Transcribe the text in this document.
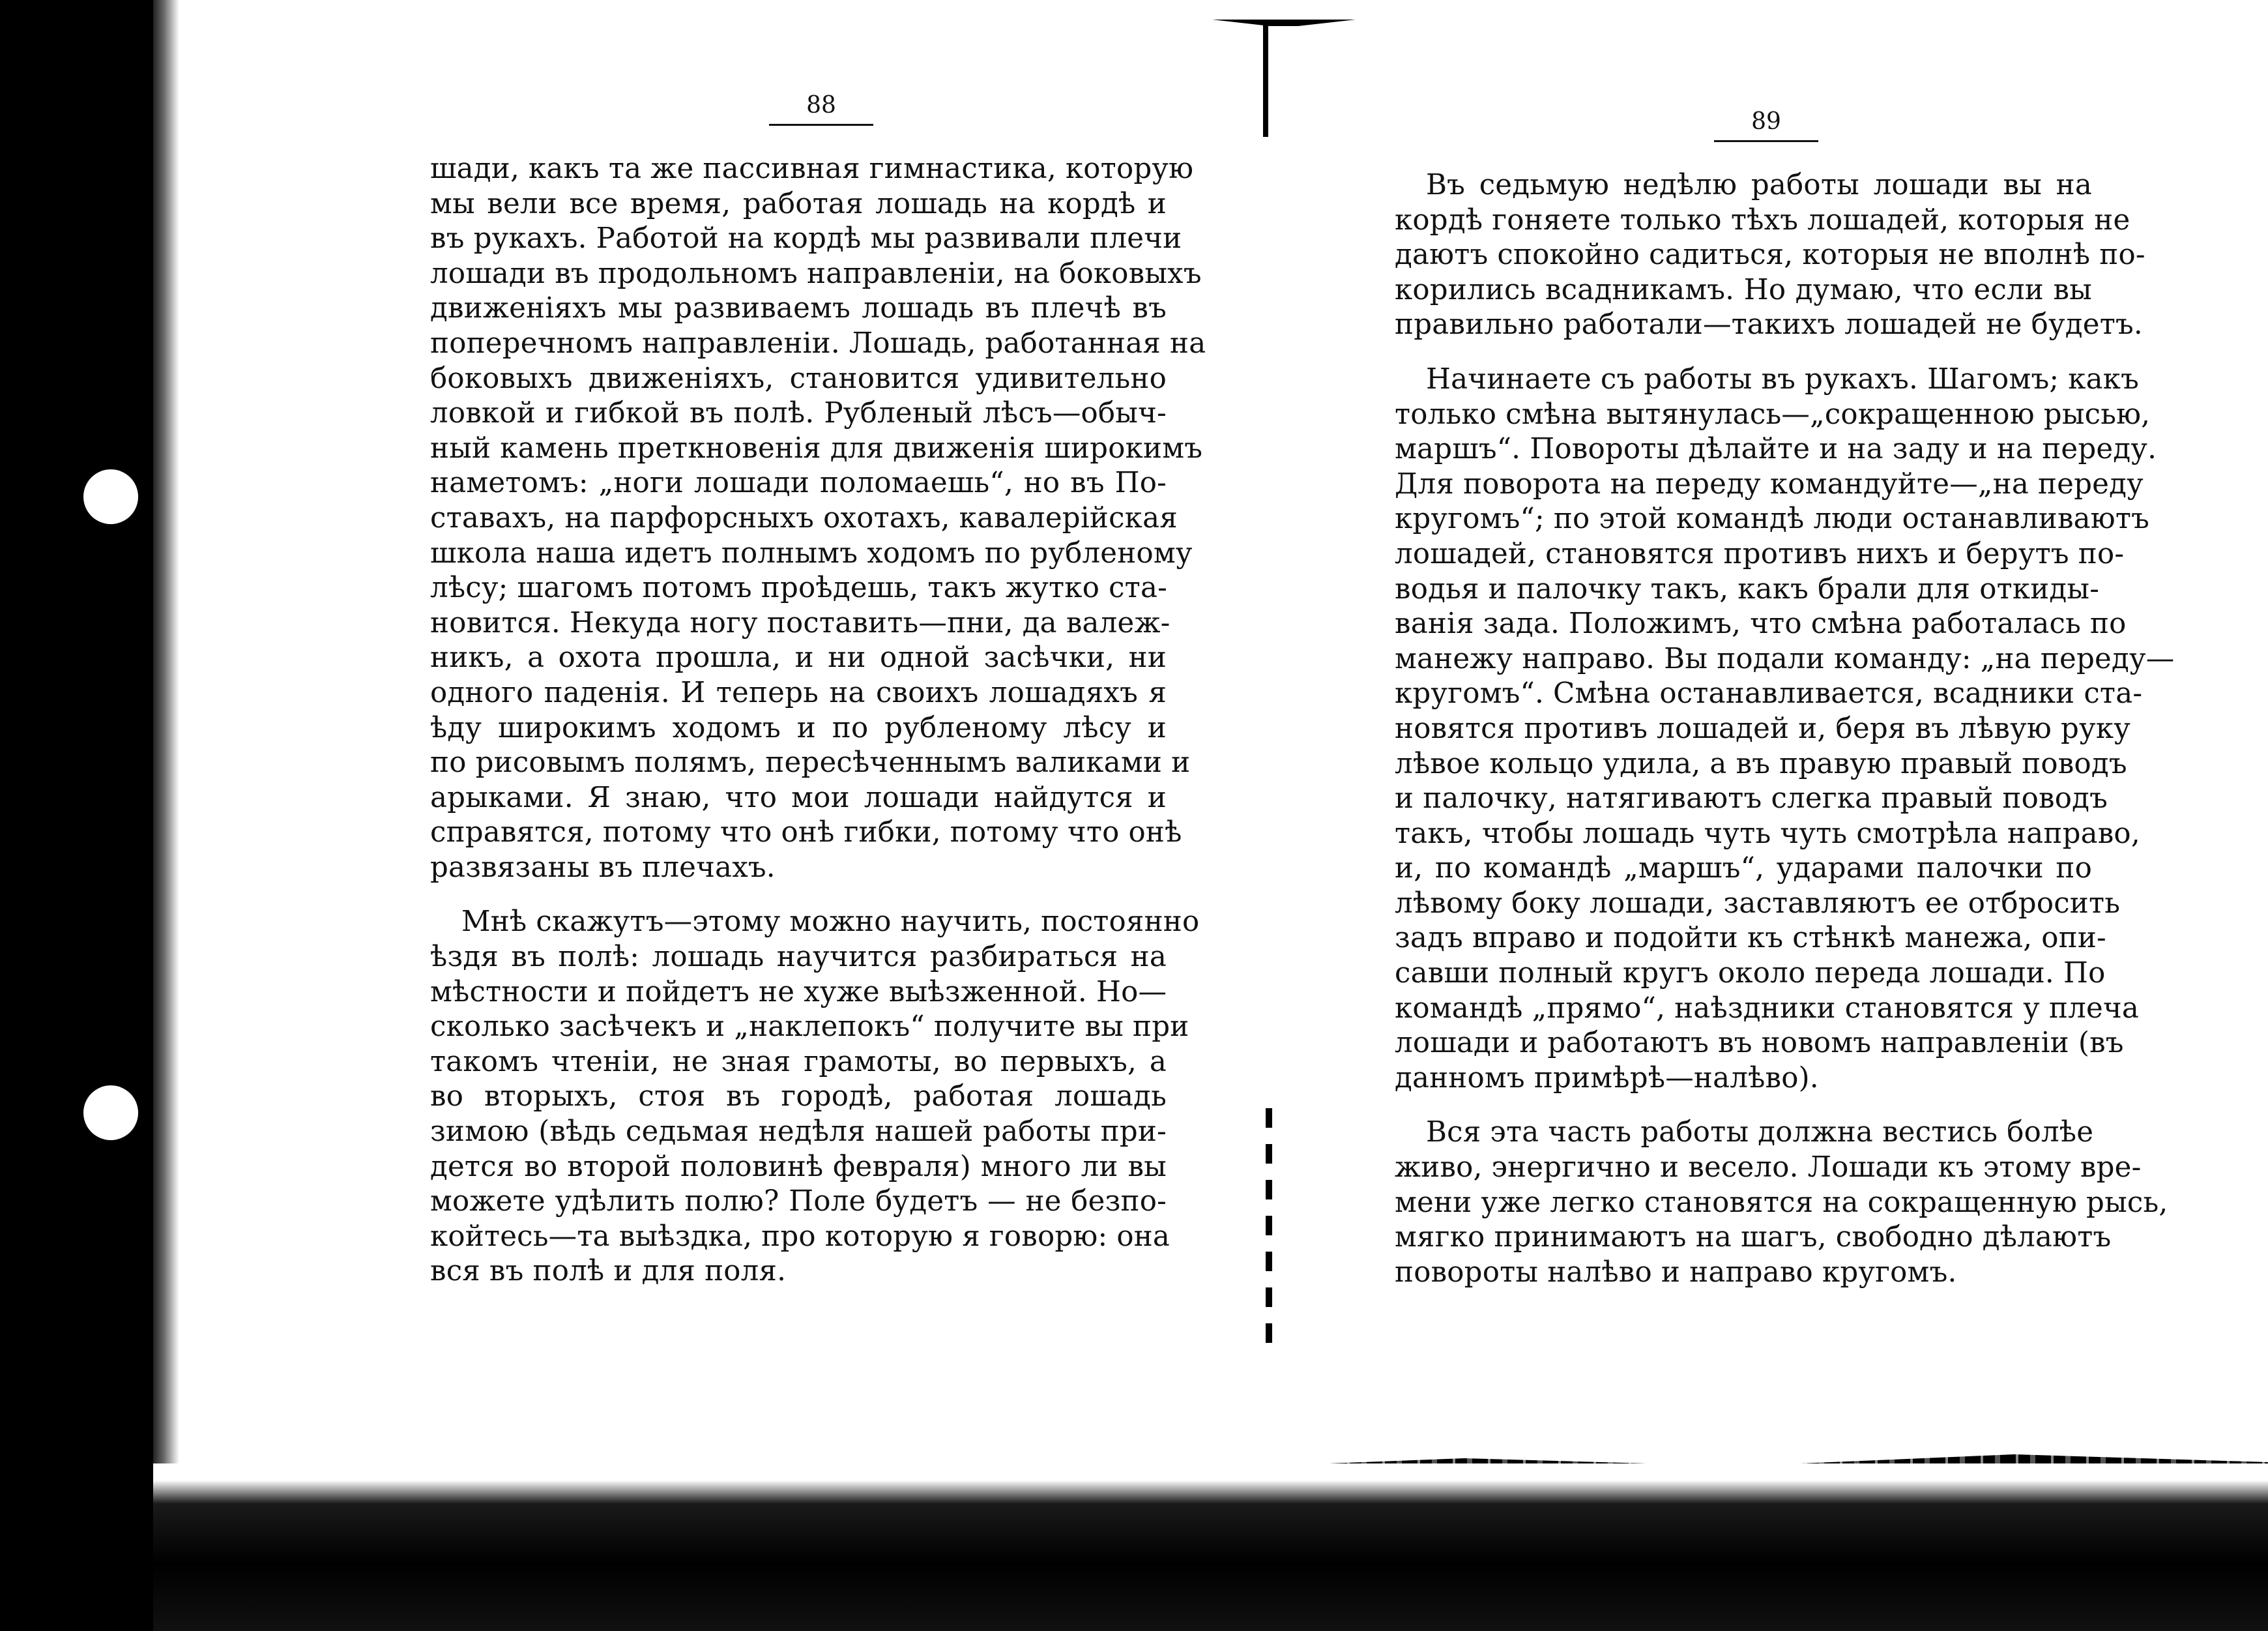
88
шади, какъ та же пассивная гимнастика, которую
мы вели все время, работая лошадь на кордѣ и
въ рукахъ. Работой на кордѣ мы развивали плечи
лошади въ продольномъ направленіи, на боковыхъ
движеніяхъ мы развиваемъ лошадь въ плечѣ въ
поперечномъ направленіи. Лошадь, работанная на
боковыхъ движеніяхъ, становится удивительно
ловкой и гибкой въ полѣ. Рубленый лѣсъ—обыч-
ный камень преткновенія для движенія широкимъ
наметомъ: „ноги лошади поломаешь“, но въ По-
ставахъ, на парфорсныхъ охотахъ, кавалерійская
школа наша идетъ полнымъ ходомъ по рубленому
лѣсу; шагомъ потомъ проѣдешь, такъ жутко ста-
новится. Некуда ногу поставить—пни, да валеж-
никъ, а охота прошла, и ни одной засѣчки, ни
одного паденія. И теперь на своихъ лошадяхъ я
ѣду широкимъ ходомъ и по рубленому лѣсу и
по рисовымъ полямъ, пересѣченнымъ валиками и
арыками. Я знаю, что мои лошади найдутся и
справятся, потому что онѣ гибки, потому что онѣ
развязаны въ плечахъ.
Мнѣ скажутъ—этому можно научить, постоянно
ѣздя въ полѣ: лошадь научится разбираться на
мѣстности и пойдетъ не хуже выѣзженной. Но—
сколько засѣчекъ и „наклепокъ“ получите вы при
такомъ чтеніи, не зная грамоты, во первыхъ, а
во вторыхъ, стоя въ городѣ, работая лошадь
зимою (вѣдь седьмая недѣля нашей работы при-
дется во второй половинѣ февраля) много ли вы
можете удѣлить полю? Поле будетъ — не безпо-
койтесь—та выѣздка, про которую я говорю: она
вся въ полѣ и для поля.
89
Въ седьмую недѣлю работы лошади вы на
кордѣ гоняете только тѣхъ лошадей, которыя не
даютъ спокойно садиться, которыя не вполнѣ по-
корились всадникамъ. Но думаю, что если вы
правильно работали—такихъ лошадей не будетъ.
Начинаете съ работы въ рукахъ. Шагомъ; какъ
только смѣна вытянулась—„сокращенною рысью,
маршъ“. Повороты дѣлайте и на заду и на переду.
Для поворота на переду командуйте—„на переду
кругомъ“; по этой командѣ люди останавливаютъ
лошадей, становятся противъ нихъ и берутъ по-
водья и палочку такъ, какъ брали для откиды-
ванія зада. Положимъ, что смѣна работалась по
манежу направо. Вы подали команду: „на переду—
кругомъ“. Смѣна останавливается, всадники ста-
новятся противъ лошадей и, беря въ лѣвую руку
лѣвое кольцо удила, а въ правую правый поводъ
и палочку, натягиваютъ слегка правый поводъ
такъ, чтобы лошадь чуть чуть смотрѣла направо,
и, по командѣ „маршъ“, ударами палочки по
лѣвому боку лошади, заставляютъ ее отбросить
задъ вправо и подойти къ стѣнкѣ манежа, опи-
савши полный кругъ около переда лошади. По
командѣ „прямо“, наѣздники становятся у плеча
лошади и работаютъ въ новомъ направленіи (въ
данномъ примѣрѣ—налѣво).
Вся эта часть работы должна вестись болѣе
живо, энергично и весело. Лошади къ этому вре-
мени уже легко становятся на сокращенную рысь,
мягко принимаютъ на шагъ, свободно дѣлаютъ
повороты налѣво и направо кругомъ.
